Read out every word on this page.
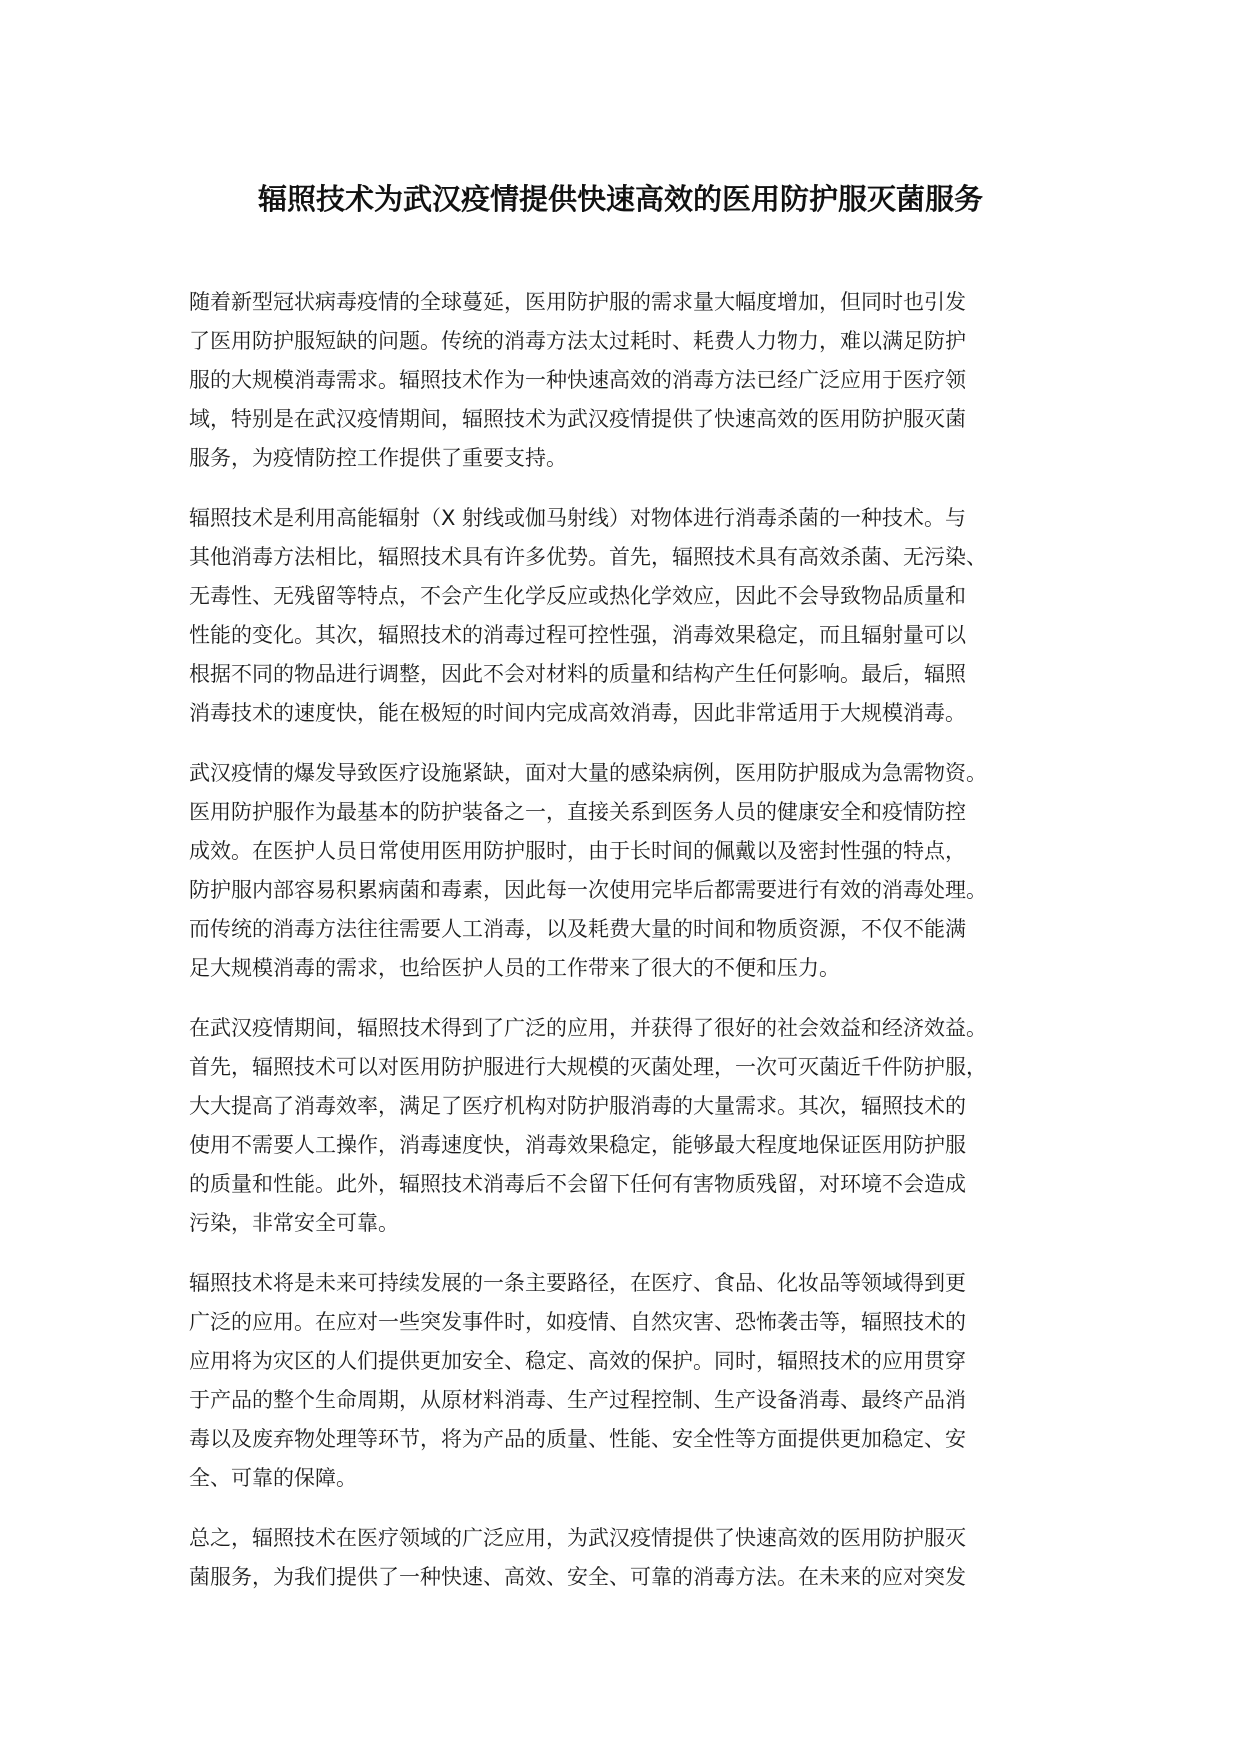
辐照技术为武汉疫情提供快速高效的医用防护服灭菌服务

随着新型冠状病毒疫情的全球蔓延，医用防护服的需求量大幅度增加，但同时也引发
了医用防护服短缺的问题。传统的消毒方法太过耗时、耗费人力物力，难以满足防护
服的大规模消毒需求。辐照技术作为一种快速高效的消毒方法已经广泛应用于医疗领
域，特别是在武汉疫情期间，辐照技术为武汉疫情提供了快速高效的医用防护服灭菌
服务，为疫情防控工作提供了重要支持。

辐照技术是利用高能辐射（X 射线或伽马射线）对物体进行消毒杀菌的一种技术。与
其他消毒方法相比，辐照技术具有许多优势。首先，辐照技术具有高效杀菌、无污染、
无毒性、无残留等特点，不会产生化学反应或热化学效应，因此不会导致物品质量和
性能的变化。其次，辐照技术的消毒过程可控性强，消毒效果稳定，而且辐射量可以
根据不同的物品进行调整，因此不会对材料的质量和结构产生任何影响。最后，辐照
消毒技术的速度快，能在极短的时间内完成高效消毒，因此非常适用于大规模消毒。

武汉疫情的爆发导致医疗设施紧缺，面对大量的感染病例，医用防护服成为急需物资。
医用防护服作为最基本的防护装备之一，直接关系到医务人员的健康安全和疫情防控
成效。在医护人员日常使用医用防护服时，由于长时间的佩戴以及密封性强的特点，
防护服内部容易积累病菌和毒素，因此每一次使用完毕后都需要进行有效的消毒处理。
而传统的消毒方法往往需要人工消毒，以及耗费大量的时间和物质资源，不仅不能满
足大规模消毒的需求，也给医护人员的工作带来了很大的不便和压力。

在武汉疫情期间，辐照技术得到了广泛的应用，并获得了很好的社会效益和经济效益。
首先，辐照技术可以对医用防护服进行大规模的灭菌处理，一次可灭菌近千件防护服，
大大提高了消毒效率，满足了医疗机构对防护服消毒的大量需求。其次，辐照技术的
使用不需要人工操作，消毒速度快，消毒效果稳定，能够最大程度地保证医用防护服
的质量和性能。此外，辐照技术消毒后不会留下任何有害物质残留，对环境不会造成
污染，非常安全可靠。

辐照技术将是未来可持续发展的一条主要路径，在医疗、食品、化妆品等领域得到更
广泛的应用。在应对一些突发事件时，如疫情、自然灾害、恐怖袭击等，辐照技术的
应用将为灾区的人们提供更加安全、稳定、高效的保护。同时，辐照技术的应用贯穿
于产品的整个生命周期，从原材料消毒、生产过程控制、生产设备消毒、最终产品消
毒以及废弃物处理等环节，将为产品的质量、性能、安全性等方面提供更加稳定、安
全、可靠的保障。

总之，辐照技术在医疗领域的广泛应用，为武汉疫情提供了快速高效的医用防护服灭
菌服务，为我们提供了一种快速、高效、安全、可靠的消毒方法。在未来的应对突发
